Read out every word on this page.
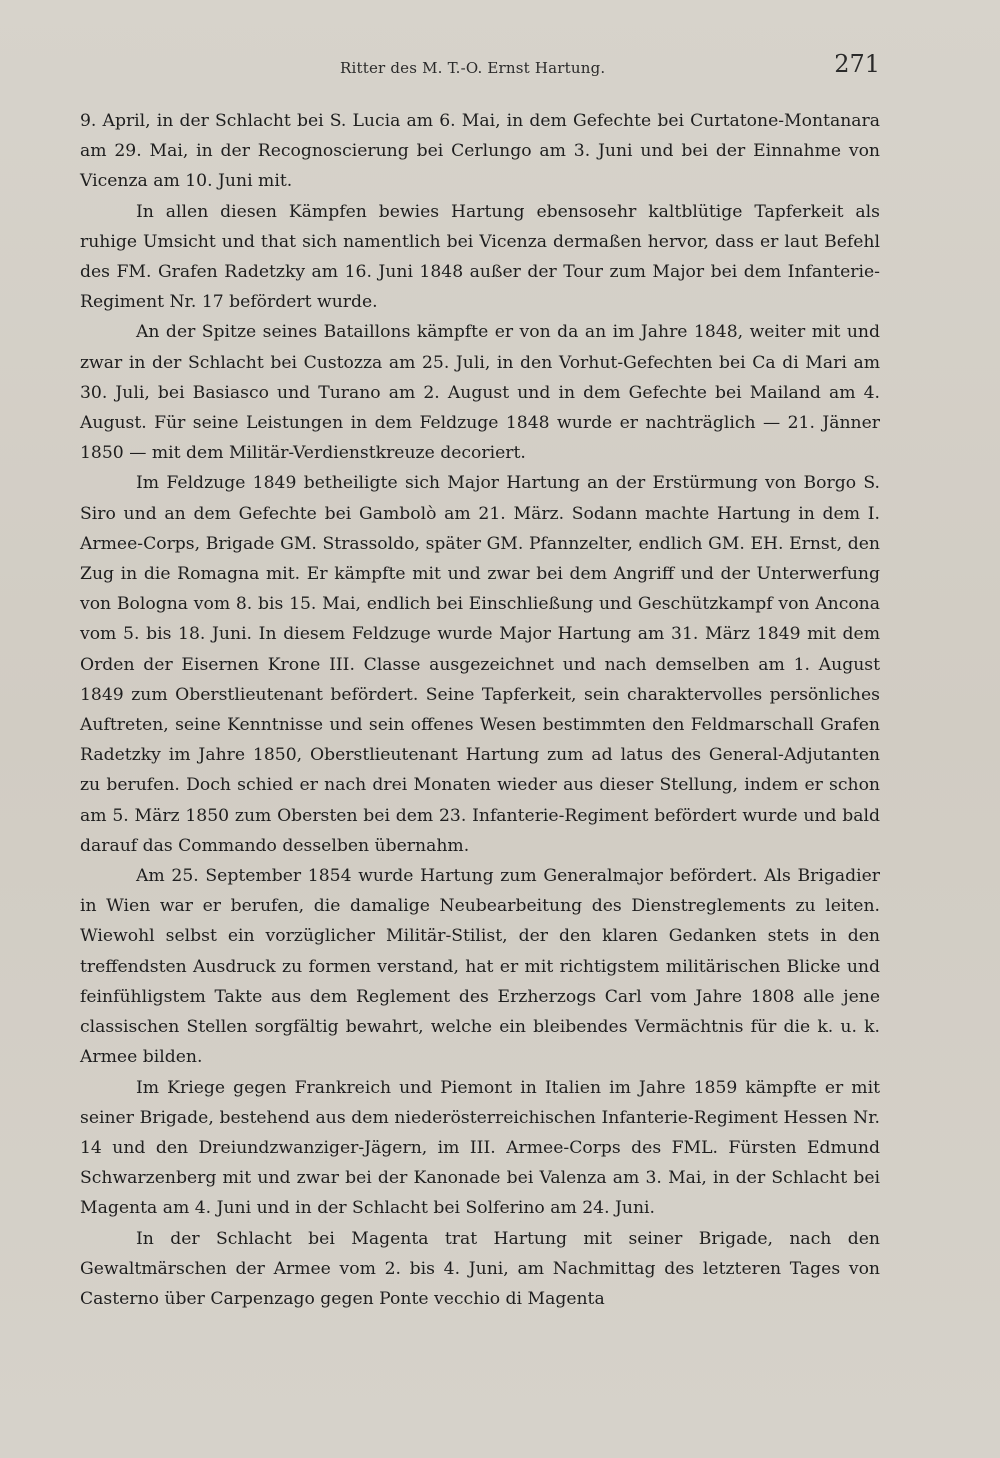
Ritter des M. T.-O. Ernst Hartung.	271

9. April, in der Schlacht bei S. Lucia am 6. Mai, in dem Gefechte bei Curtatone-Montanara am 29. Mai, in der Recognoscierung bei Cerlungo am 3. Juni und bei der Einnahme von Vicenza am 10. Juni mit.

In allen diesen Kämpfen bewies Hartung ebensosehr kaltblütige Tapferkeit als ruhige Umsicht und that sich namentlich bei Vicenza dermaßen hervor, dass er laut Befehl des FM. Grafen Radetzky am 16. Juni 1848 außer der Tour zum Major bei dem Infanterie-Regiment Nr. 17 befördert wurde.

An der Spitze seines Bataillons kämpfte er von da an im Jahre 1848, weiter mit und zwar in der Schlacht bei Custozza am 25. Juli, in den Vorhut-Gefechten bei Ca di Mari am 30. Juli, bei Basiasco und Turano am 2. August und in dem Gefechte bei Mailand am 4. August. Für seine Leistungen in dem Feldzuge 1848 wurde er nachträglich — 21. Jänner 1850 — mit dem Militär-Verdienstkreuze decoriert.

Im Feldzuge 1849 betheiligte sich Major Hartung an der Erstürmung von Borgo S. Siro und an dem Gefechte bei Gambolò am 21. März. Sodann machte Hartung in dem I. Armee-Corps, Brigade GM. Strassoldo, später GM. Pfannzelter, endlich GM. EH. Ernst, den Zug in die Romagna mit. Er kämpfte mit und zwar bei dem Angriff und der Unterwerfung von Bologna vom 8. bis 15. Mai, endlich bei Einschließung und Geschützkampf von Ancona vom 5. bis 18. Juni. In diesem Feldzuge wurde Major Hartung am 31. März 1849 mit dem Orden der Eisernen Krone III. Classe ausgezeichnet und nach demselben am 1. August 1849 zum Oberstlieutenant befördert. Seine Tapferkeit, sein charaktervolles persönliches Auftreten, seine Kenntnisse und sein offenes Wesen bestimmten den Feldmarschall Grafen Radetzky im Jahre 1850, Oberstlieutenant Hartung zum ad latus des General-Adjutanten zu berufen. Doch schied er nach drei Monaten wieder aus dieser Stellung, indem er schon am 5. März 1850 zum Obersten bei dem 23. Infanterie-Regiment befördert wurde und bald darauf das Commando desselben übernahm.

Am 25. September 1854 wurde Hartung zum Generalmajor befördert. Als Brigadier in Wien war er berufen, die damalige Neubearbeitung des Dienstreglements zu leiten. Wiewohl selbst ein vorzüglicher Militär-Stilist, der den klaren Gedanken stets in den treffendsten Ausdruck zu formen verstand, hat er mit richtigstem militärischen Blicke und feinfühligstem Takte aus dem Reglement des Erzherzogs Carl vom Jahre 1808 alle jene classischen Stellen sorgfältig bewahrt, welche ein bleibendes Vermächtnis für die k. u. k. Armee bilden.

Im Kriege gegen Frankreich und Piemont in Italien im Jahre 1859 kämpfte er mit seiner Brigade, bestehend aus dem niederösterreichischen Infanterie-Regiment Hessen Nr. 14 und den Dreiundzwanziger-Jägern, im III. Armee-Corps des FML. Fürsten Edmund Schwarzenberg mit und zwar bei der Kanonade bei Valenza am 3. Mai, in der Schlacht bei Magenta am 4. Juni und in der Schlacht bei Solferino am 24. Juni.

In der Schlacht bei Magenta trat Hartung mit seiner Brigade, nach den Gewaltmärschen der Armee vom 2. bis 4. Juni, am Nachmittag des letzteren Tages von Casterno über Carpenzago gegen Ponte vecchio di Magenta
